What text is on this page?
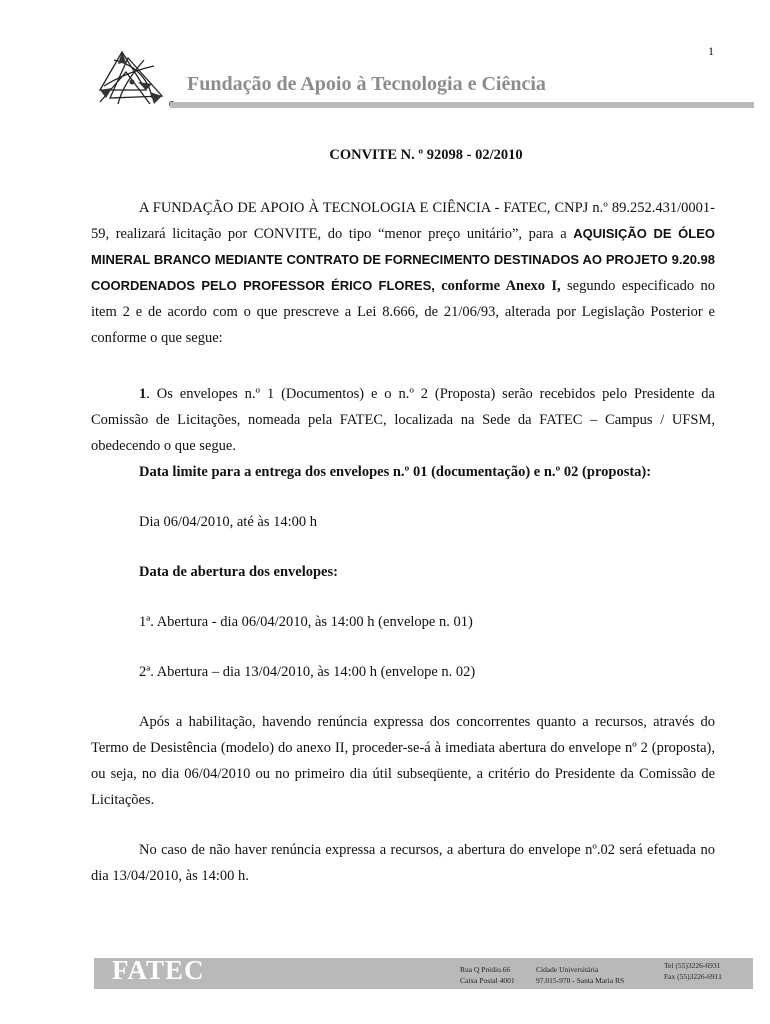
1
Fundação de Apoio à Tecnologia e Ciência
CONVITE N. º 92098 - 02/2010

A FUNDAÇÃO DE APOIO À TECNOLOGIA E CIÊNCIA - FATEC, CNPJ n.º 89.252.431/0001-59, realizará licitação por CONVITE, do tipo “menor preço unitário”, para a AQUISIÇÃO DE ÓLEO MINERAL BRANCO MEDIANTE CONTRATO DE FORNECIMENTO DESTINADOS AO PROJETO 9.20.98 COORDENADOS PELO PROFESSOR ÉRICO FLORES, conforme Anexo I, segundo especificado no item 2 e de acordo com o que prescreve a Lei 8.666, de 21/06/93, alterada por Legislação Posterior e conforme o que segue:

1. Os envelopes n.º 1 (Documentos) e o n.º 2 (Proposta) serão recebidos pelo Presidente da Comissão de Licitações, nomeada pela FATEC, localizada na Sede da FATEC – Campus / UFSM, obedecendo o que segue.

Data limite para a entrega dos envelopes n.º 01 (documentação) e n.º 02 (proposta):

Dia 06/04/2010, até às 14:00 h

Data de abertura dos envelopes:

1ª. Abertura - dia 06/04/2010, às 14:00 h (envelope n. 01)

2ª. Abertura – dia 13/04/2010, às 14:00 h (envelope n. 02)

Após a habilitação, havendo renúncia expressa dos concorrentes quanto a recursos, através do Termo de Desistência (modelo) do anexo II, proceder-se-á à imediata abertura do envelope nº 2 (proposta), ou seja, no dia 06/04/2010 ou no primeiro dia útil subseqüente, a critério do Presidente da Comissão de Licitações.

No caso de não haver renúncia expressa a recursos, a abertura do envelope nº.02 será efetuada no dia 13/04/2010, às 14:00 h.

FATEC	Rua Q Prédio.66
Caixa Postal 4001
Cidade Universitária
97.015-970 - Santa Maria RS
Tel (55)3226-6931
Fax (55)3226-6911
